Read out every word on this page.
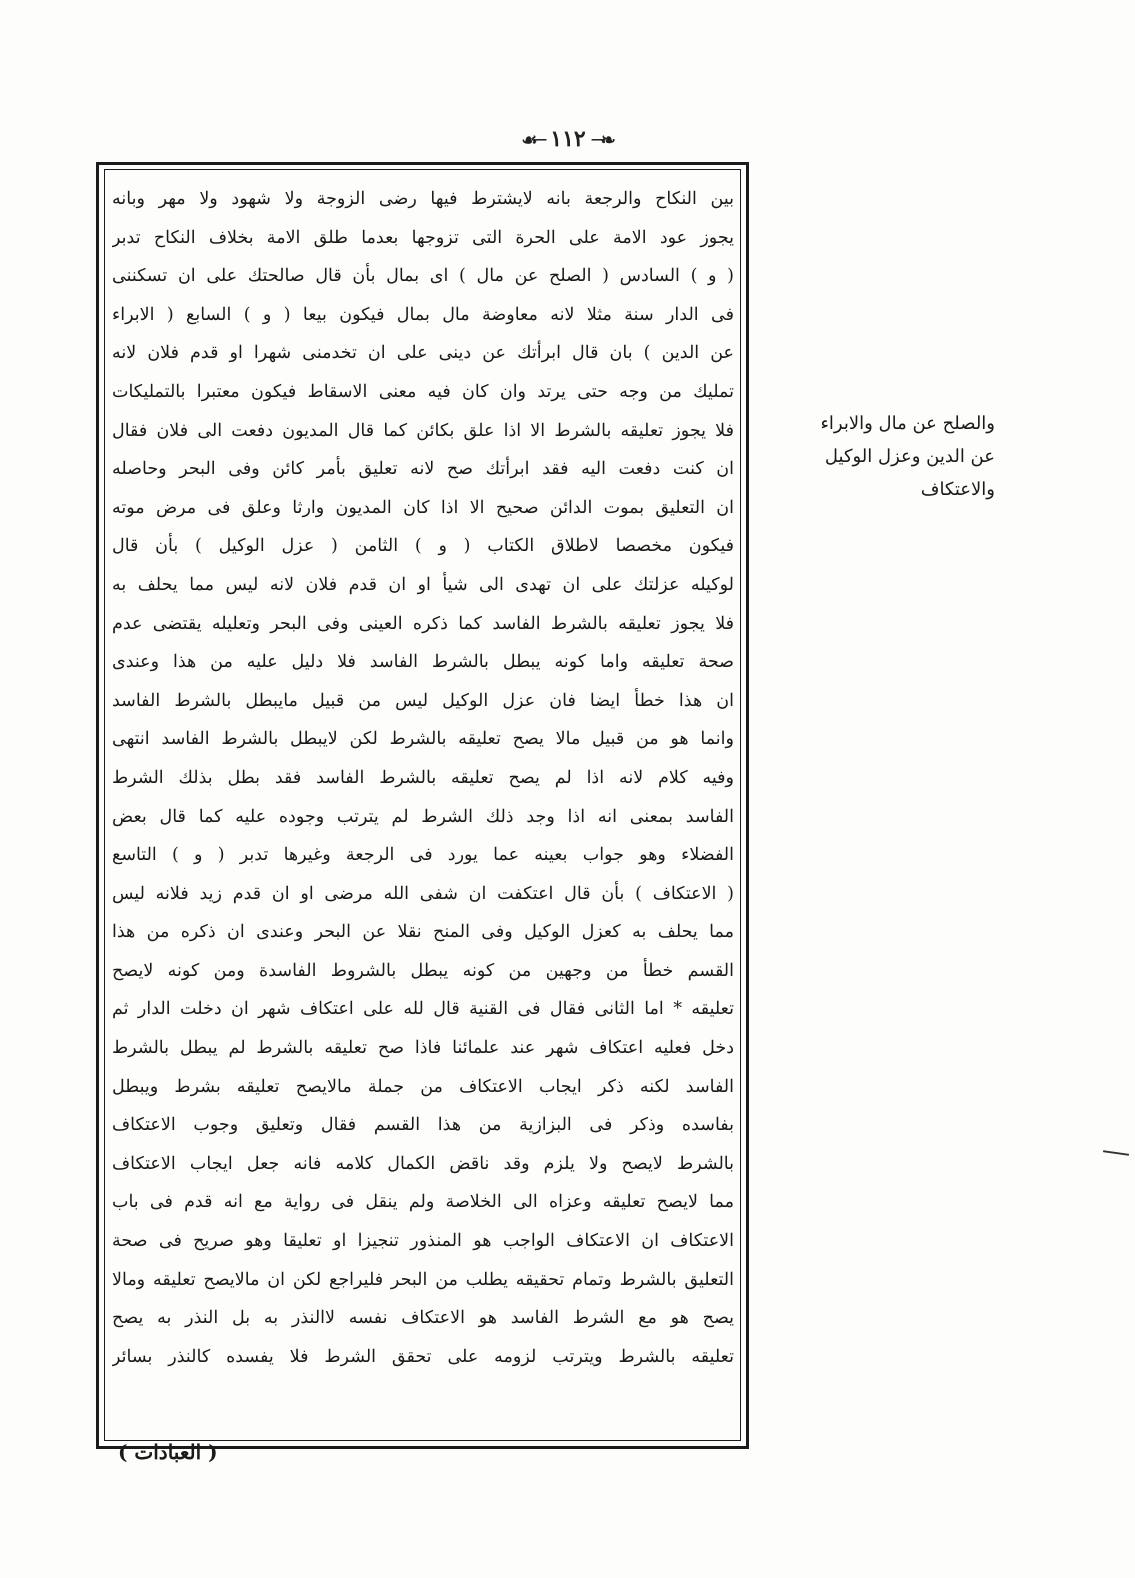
❧─١١٢─☙
بين النكاح والرجعة بانه لايشترط فيها رضى الزوجة ولا شهود ولا مهر وبانه
يجوز عود الامة على الحرة التى تزوجها بعدما طلق الامة بخلاف النكاح تدبر
( و ) السادس ( الصلح عن مال ) اى بمال بأن قال صالحتك على ان تسكننى
فى الدار سنة مثلا لانه معاوضة مال بمال فيكون بيعا ( و ) السابع ( الابراء
عن الدين ) بان قال ابرأتك عن دينى على ان تخدمنى شهرا او قدم فلان لانه
تمليك من وجه حتى يرتد وان كان فيه معنى الاسقاط فيكون معتبرا بالتمليكات
فلا يجوز تعليقه بالشرط الا اذا علق بكائن كما قال المديون دفعت الى فلان فقال
ان كنت دفعت اليه فقد ابرأتك صح لانه تعليق بأمر كائن وفى البحر وحاصله
ان التعليق بموت الدائن صحيح الا اذا كان المديون وارثا وعلق فى مرض موته
فيكون مخصصا لاطلاق الكتاب ( و ) الثامن ( عزل الوكيل ) بأن قال
لوكيله عزلتك على ان تهدى الى شيأ او ان قدم فلان لانه ليس مما يحلف به
فلا يجوز تعليقه بالشرط الفاسد كما ذكره العينى وفى البحر وتعليله يقتضى عدم
صحة تعليقه واما كونه يبطل بالشرط الفاسد فلا دليل عليه من هذا وعندى
ان هذا خطأ ايضا فان عزل الوكيل ليس من قبيل مايبطل بالشرط الفاسد
وانما هو من قبيل مالا يصح تعليقه بالشرط لكن لايبطل بالشرط الفاسد انتهى
وفيه كلام لانه اذا لم يصح تعليقه بالشرط الفاسد فقد بطل بذلك الشرط
الفاسد بمعنى انه اذا وجد ذلك الشرط لم يترتب وجوده عليه كما قال بعض
الفضلاء وهو جواب بعينه عما يورد فى الرجعة وغيرها تدبر ( و ) التاسع
( الاعتكاف ) بأن قال اعتكفت ان شفى الله مرضى او ان قدم زيد فلانه ليس
مما يحلف به كعزل الوكيل وفى المنح نقلا عن البحر وعندى ان ذكره من هذا
القسم خطأ من وجهين من كونه يبطل بالشروط الفاسدة ومن كونه لايصح
تعليقه * اما الثانى فقال فى القنية قال لله على اعتكاف شهر ان دخلت الدار ثم
دخل فعليه اعتكاف شهر عند علمائنا فاذا صح تعليقه بالشرط لم يبطل بالشرط
الفاسد لكنه ذكر ايجاب الاعتكاف من جملة مالايصح تعليقه بشرط ويبطل
بفاسده وذكر فى البزازية من هذا القسم فقال وتعليق وجوب الاعتكاف
بالشرط لايصح ولا يلزم وقد ناقض الكمال كلامه فانه جعل ايجاب الاعتكاف
مما لايصح تعليقه وعزاه الى الخلاصة ولم ينقل فى رواية مع انه قدم فى باب
الاعتكاف ان الاعتكاف الواجب هو المنذور تنجيزا او تعليقا وهو صريح فى صحة
التعليق بالشرط وتمام تحقيقه يطلب من البحر فليراجع لكن ان مالايصح تعليقه ومالا
يصح هو مع الشرط الفاسد هو الاعتكاف نفسه لاالنذر به بل النذر به يصح
تعليقه بالشرط ويترتب لزومه على تحقق الشرط فلا يفسده كالنذر بسائر
والصلح عن مال والابراء
عن الدين وعزل الوكيل
والاعتكاف
( العبادات )
